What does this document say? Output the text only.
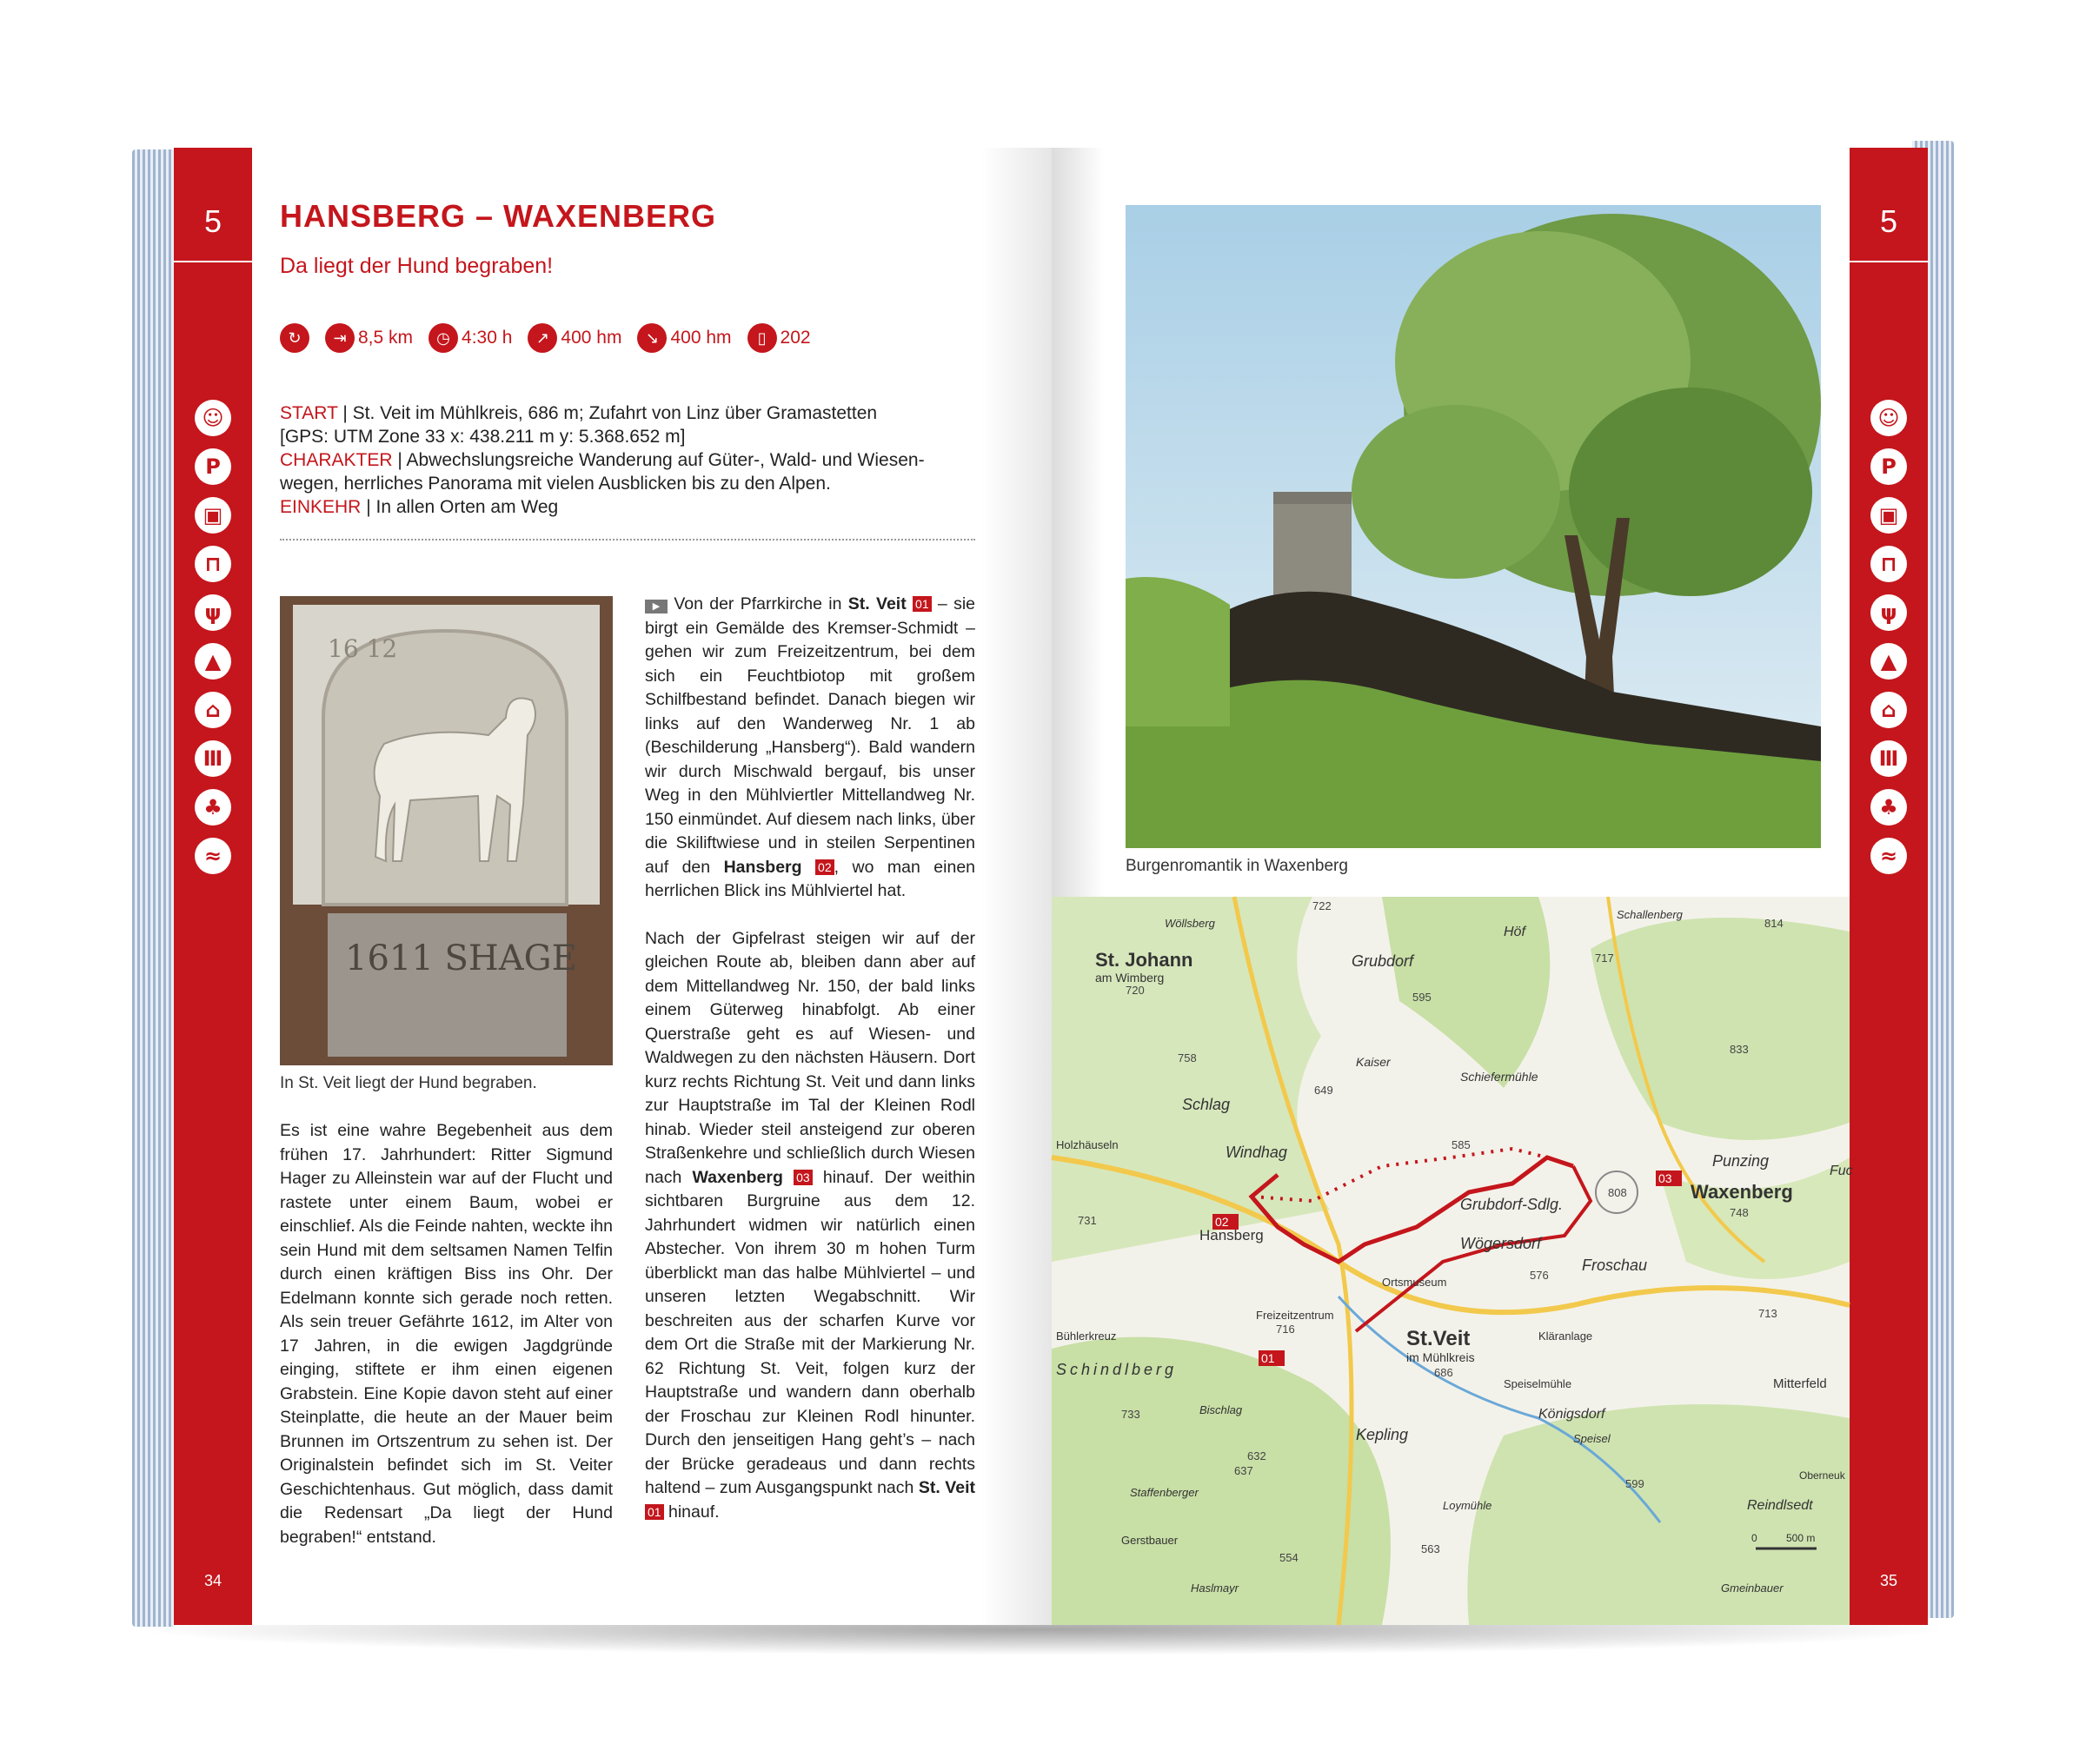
5
☺
P
▣
⊓
ψ
▲
⌂
Ⅲ
♣
≈
34
5
☺
P
▣
⊓
ψ
▲
⌂
Ⅲ
♣
≈
35
HANSBERG – WAXENBERG
Da liegt der Hund begraben!
↻	⇥ 8,5 km	◷ 4:30 h	↗ 400 hm	↘ 400 hm	▯ 202
START | St. Veit im Mühlkreis, 686 m; Zufahrt von Linz über Gramastetten
[GPS: UTM Zone 33 x: 438.211 m y: 5.368.652 m]
CHARAKTER | Abwechslungsreiche Wanderung auf Güter-, Wald- und Wiesen-wegen, herrliches Panorama mit vielen Ausblicken bis zu den Alpen.
EINKEHR | In allen Orten am Weg
16 12
1611 SHAGE
In St. Veit liegt der Hund begraben.
Es ist eine wahre Begebenheit aus dem frühen 17. Jahrhundert: Ritter Sigmund Hager zu Alleinstein war auf der Flucht und rastete unter einem Baum, wobei er einschlief. Als die Feinde nahten, weckte ihn sein Hund mit dem seltsamen Namen Telfin durch einen kräftigen Biss ins Ohr. Der Edelmann konnte sich gerade noch retten. Als sein treuer Gefährte 1612, im Alter von 17 Jahren, in die ewigen Jagdgründe einging, stiftete er ihm einen eigenen Grabstein. Eine Kopie davon steht auf einer Steinplatte, die heute an der Mauer beim Brunnen im Ortszentrum zu sehen ist. Der Originalstein befindet sich im St. Veiter Geschichtenhaus. Gut möglich, dass damit die Redensart „Da liegt der Hund begraben!“ entstand.

▶ Von der Pfarrkirche in St. Veit 01 – sie birgt ein Gemälde des Kremser-Schmidt – gehen wir zum Freizeitzentrum, bei dem sich ein Feuchtbiotop mit großem Schilfbestand befindet. Danach biegen wir links auf den Wanderweg Nr. 1 ab (Beschilderung „Hansberg“). Bald wandern wir durch Mischwald bergauf, bis unser Weg in den Mühlviertler Mittellandweg Nr. 150 einmündet. Auf diesem nach links, über die Skiliftwiese und in steilen Serpentinen auf den Hansberg 02 , wo man einen herrlichen Blick ins Mühlviertel hat.

Nach der Gipfelrast steigen wir auf der gleichen Route ab, bleiben dann aber auf dem Mittellandweg Nr. 150, der bald links einem Güterweg hinabfolgt. Ab einer Querstraße geht es auf Wiesen- und Waldwegen zu den nächsten Häusern. Dort kurz rechts Richtung St. Veit und dann links zur Hauptstraße im Tal der Kleinen Rodl hinab. Wieder steil ansteigend zur oberen Straßenkehre und schließlich durch Wiesen nach Waxenberg 03 hinauf. Der weithin sichtbaren Burgruine aus dem 12. Jahrhundert widmen wir natürlich einen Abstecher. Von ihrem 30 m hohen Turm überblickt man das halbe Mühlviertel – und unseren letzten Wegabschnitt. Wir beschreiten aus der scharfen Kurve vor dem Ort die Straße mit der Markierung Nr. 62 Richtung St. Veit, folgen kurz der Hauptstraße und wandern dann oberhalb der Froschau zur Kleinen Rodl hinunter. Durch den jenseitigen Hang geht’s – nach der Brücke geradeaus und dann rechts haltend – zum Ausgangspunkt nach St. Veit 01 hinauf.

Burgenromantik in Waxenberg
01
02
03
St. Johann
am Wimberg
Grubdorf
Höf
Schallenberg
Wöllsberg
Schlag
Kaiser
Schiefermühle
Holzhäuseln	Windhag
Hansberg
Grubdorf-Sdlg.
Punzing
Waxenberg
Wögersdorf
Froschau
Ortsmuseum
Freizeitzentrum
St.Veit
im Mühlkreis
Kläranlage
Bühlerkreuz
Schindlberg
Speiselmühle
Königsdorf
Mitterfeld
Bischlag
Kepling	Speisel
Staffenberger
Loymühle
Oberneuk
Reindlsedt
Gerstbauer
Haslmayr	Gmeinbauer
Fuc
722
814
717
720
595
758
833
649
585
731
748
808
716
576
686
713
733
632
637
599
563
554
0	500 m
